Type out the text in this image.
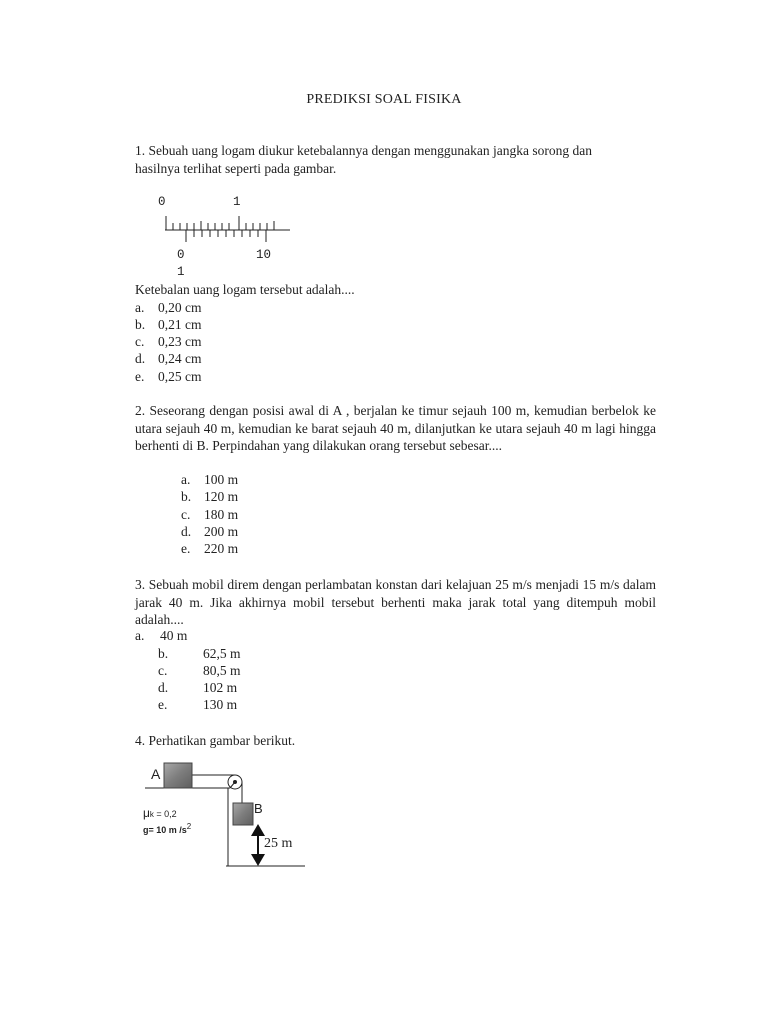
PREDIKSI SOAL FISIKA
1. Sebuah uang logam diukur ketebalannya dengan menggunakan jangka sorong dan
hasilnya terlihat seperti pada gambar.
0	1
0	10
1
Ketebalan uang logam tersebut adalah....
a. 0,20 cm
b. 0,21 cm
c. 0,23 cm
d. 0,24 cm
e. 0,25 cm
2. Seseorang dengan posisi awal di A , berjalan ke timur sejauh 100 m, kemudian berbelok ke utara sejauh 40 m, kemudian ke barat sejauh 40 m, dilanjutkan ke utara sejauh 40 m lagi hingga berhenti di B. Perpindahan yang dilakukan orang tersebut sebesar....
a. 100 m
b. 120 m
c. 180 m
d. 200 m
e. 220 m
3. Sebuah mobil direm dengan perlambatan konstan dari kelajuan 25 m/s menjadi 15 m/s dalam jarak 40 m. Jika akhirnya mobil tersebut berhenti maka jarak total yang ditempuh mobil adalah....
a. 40 m
b.	62,5 m
c.	80,5 m
d.	102 m
e.	130 m
4. Perhatikan gambar berikut.
A
B
μk = 0,2
g= 10 m $/s^2$
25 m
